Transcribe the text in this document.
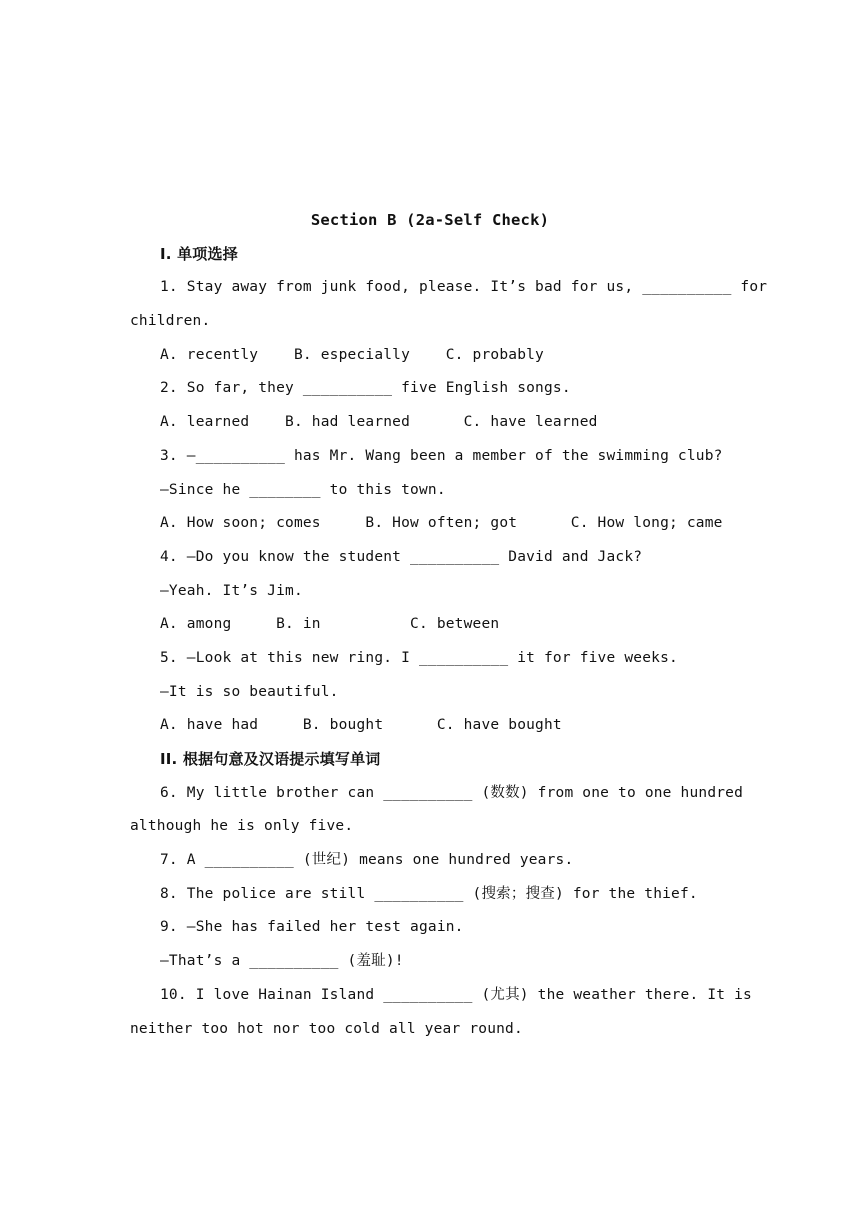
Section B (2a-Self Check)
I. 单项选择
1. Stay away from junk food, please. It’s bad for us, __________ for
children.
A. recently    B. especially    C. probably
2. So far, they __________ five English songs.
A. learned    B. had learned      C. have learned
3. —__________ has Mr. Wang been a member of the swimming club?
—Since he ________ to this town.
A. How soon; comes     B. How often; got      C. How long; came
4. —Do you know the student __________ David and Jack?
—Yeah. It’s Jim.
A. among     B. in          C. between
5. —Look at this new ring. I __________ it for five weeks.
—It is so beautiful.
A. have had     B. bought      C. have bought
II. 根据句意及汉语提示填写单词
6. My little brother can __________ (数数) from one to one hundred
although he is only five.
7. A __________ (世纪) means one hundred years.
8. The police are still __________ (搜索；搜查) for the thief.
9. —She has failed her test again.
—That’s a __________ (羞耻)!
10. I love Hainan Island __________ (尤其) the weather there. It is
neither too hot nor too cold all year round.
